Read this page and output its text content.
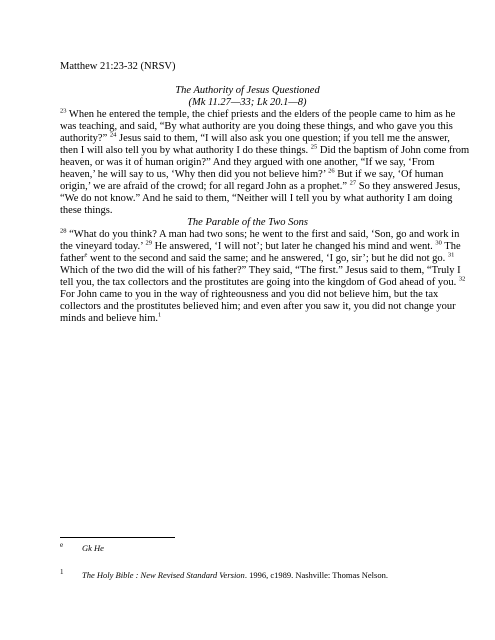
Matthew 21:23-32 (NRSV)
The Authority of Jesus Questioned
(Mk 11.27—33; Lk 20.1—8)
$^{23}$ When he entered the temple, the chief priests and the elders of the people came to him as he
was teaching, and said, “By what authority are you doing these things, and who gave you this
authority?” $^{24}$ Jesus said to them, “I will also ask you one question; if you tell me the answer,
then I will also tell you by what authority I do these things. $^{25}$ Did the baptism of John come from
heaven, or was it of human origin?” And they argued with one another, “If we say, ‘From
heaven,’ he will say to us, ‘Why then did you not believe him?’ $^{26}$ But if we say, ‘Of human
origin,’ we are afraid of the crowd; for all regard John as a prophet.” $^{27}$ So they answered Jesus,
“We do not know.” And he said to them, “Neither will I tell you by what authority I am doing
these things.
The Parable of the Two Sons
$^{28}$ “What do you think? A man had two sons; he went to the first and said, ‘Son, go and work in
the vineyard today.’ $^{29}$ He answered, ‘I will not’; but later he changed his mind and went. $^{30}$ The
father$^e$ went to the second and said the same; and he answered, ‘I go, sir’; but he did not go. $^{31}$
Which of the two did the will of his father?” They said, “The first.” Jesus said to them, “Truly I
tell you, the tax collectors and the prostitutes are going into the kingdom of God ahead of you. $^{32}$
For John came to you in the way of righteousness and you did not believe him, but the tax
collectors and the prostitutes believed him; and even after you saw it, you did not change your
minds and believe him.$^1$
e Gk He
1 The Holy Bible : New Revised Standard Version. 1996, c1989. Nashville: Thomas Nelson.
